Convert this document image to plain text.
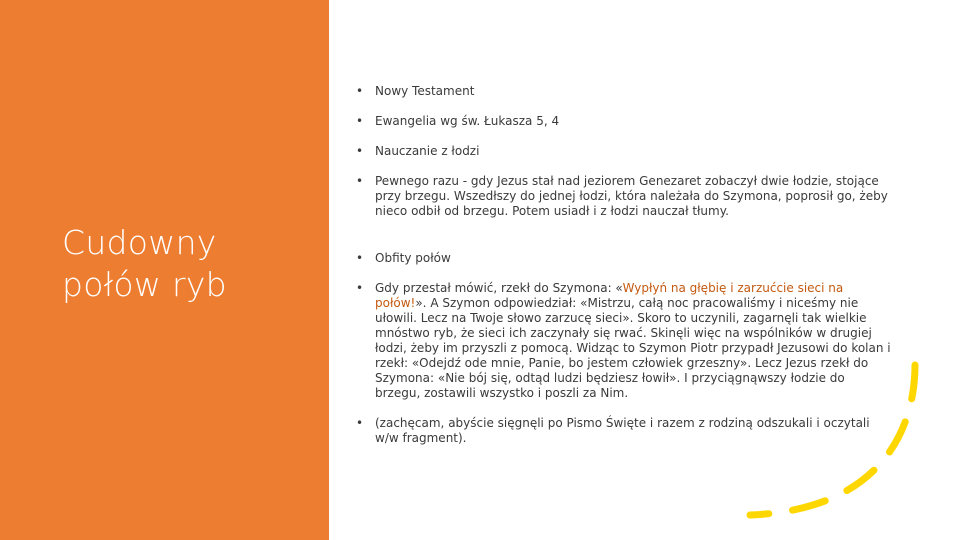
Cudowny połów ryb
• Nowy Testament
• Ewangelia wg św. Łukasza 5, 4
• Nauczanie z łodzi
• Pewnego razu - gdy Jezus stał nad jeziorem Genezaret zobaczył dwie łodzie, stojące przy brzegu. Wszedłszy do jednej łodzi, która należała do Szymona, poprosił go, żeby nieco odbił od brzegu. Potem usiadł i z łodzi nauczał tłumy.
• Obfity połów
• Gdy przestał mówić, rzekł do Szymona: «Wypłyń na głębię i zarzućcie sieci na połów!». A Szymon odpowiedział: «Mistrzu, całą noc pracowaliśmy i niceśmy nie ułowili. Lecz na Twoje słowo zarzucę sieci». Skoro to uczynili, zagarnęli tak wielkie mnóstwo ryb, że sieci ich zaczynały się rwać. Skinęli więc na wspólników w drugiej łodzi, żeby im przyszli z pomocą. Widząc to Szymon Piotr przypadł Jezusowi do kolan i rzekł: «Odejdź ode mnie, Panie, bo jestem człowiek grzeszny». Lecz Jezus rzekł do Szymona: «Nie bój się, odtąd ludzi będziesz łowił». I przyciągnąwszy łodzie do brzegu, zostawili wszystko i poszli za Nim.
• (zachęcam, abyście sięgnęli po Pismo Święte i razem z rodziną odszukali i oczytali w/w fragment).
